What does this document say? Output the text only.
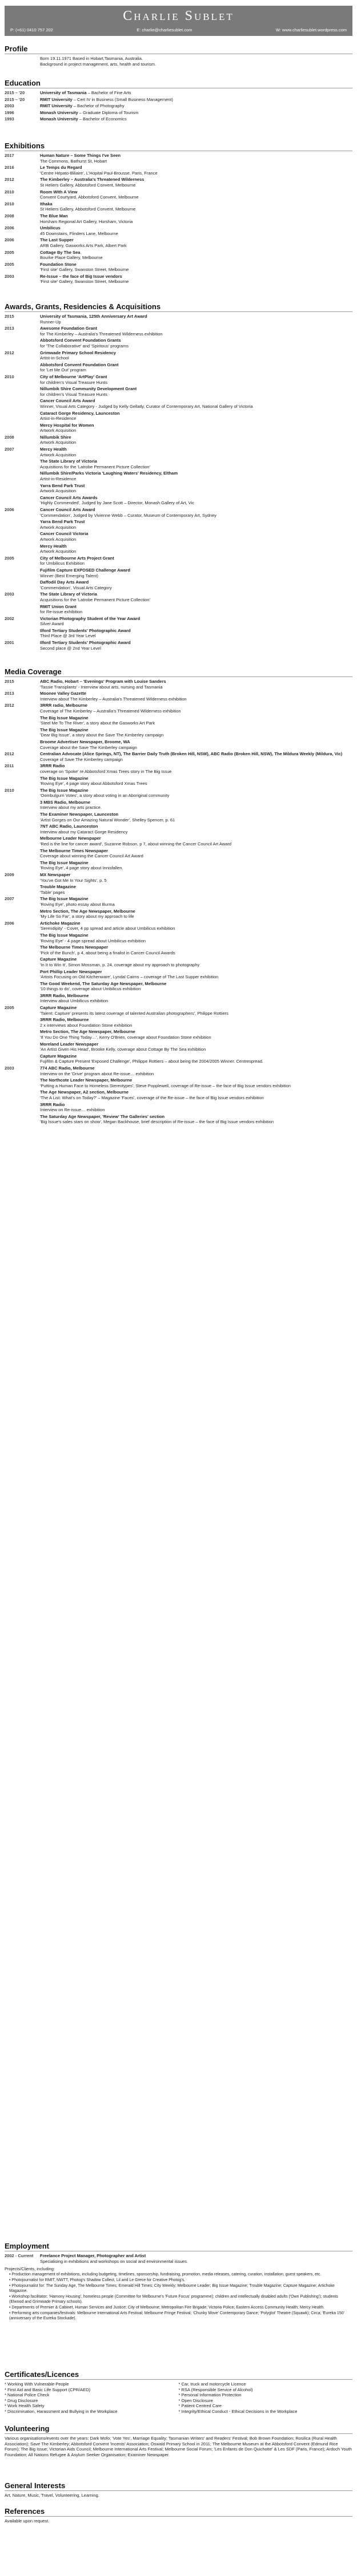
Charlie Sublet
P: (+61) 0410 757 202	E: charlie@charliesublet.com	W: www.charliesublet.wordpress.com
Profile
Born 19.11.1971 Based in Hobart,Tasmania, Australia.
Background in project management, arts, health and tourism.
Education
2015 – '20	University of Tasmania – Bachelor of Fine Arts
2015 – '20	RMIT University – Cert IV in Business (Small Business Management)
2003	RMIT University – Bachelor of Photography
1996	Monash University – Graduate Diploma of Tourism
1993	Monash University – Bachelor of Economics
Exhibitions
2017	Human Nature – Some Things I've Seen
The Commons, Bathurst St, Hobart
2016	Le Temps du Regard
'Centre Hépato-Biliaire', L'Hopital Paul-Brousse, Paris, France
2012	The Kimberley – Australia's Threatened Wilderness
St Heliers Gallery, Abbotsford Convent, Melbourne
2010	Room With A View
Convent Courtyard, Abbotsford Convent, Melbourne
2010	Ithaka
St Heliers Gallery, Abbotsford Convent, Melbourne
2008	The Blue Man
Horsham Regional Art Gallery, Horsham, Victoria
2006	Umbilicus
45 Downstairs, Flinders Lane, Melbourne
2006	The Last Supper
ARB Gallery, Gasworks Arts Park, Albert Park
2005	Cottage By The Sea
Bourke Place Gallery, Melbourne
2005	Foundation Stone
'First site' Gallery, Swanston Street, Melbourne
2003	Re-Issue – the face of Big Issue vendors
'First site' Gallery, Swanston Street, Melbourne
Awards, Grants, Residencies & Acquisitions
2015	University of Tasmania, 125th Anniversary Art Award
Runner-Up
2013	Awesome Foundation Grant
for The Kimberley – Australia's Threatened Wilderness exhibition
Abbotsford Convent Foundation Grants
for 'The Collaborative' and 'Spiritous' programs
2012	Grimwade Primary School Residency
Artist-in-School
Abbotsford Convent Foundation Grant
for 'Let Me Out' program
2010	City of Melbourne 'ArtPlay' Grant
for children's Visual Treasure Hunts
Nillumbik Shire Community Development Grant
for children's Visual Treasure Hunts
Cancer Council Arts Award
Winner, Visual Arts Category - Judged by Kelly Gellatly, Curator of Contemporary Art, National Gallery of Victoria
Cataract Gorge Residency, Launceston
Artist-in-Residence
Mercy Hospital for Women
Artwork Acquisition
2008	Nillumbik Shire
Artwork Acquisition
2007	Mercy Health
Artwork Acquisition
The State Library of Victoria
Acquisitions for the 'Latrobe Permanent Picture Collection'
Nillumbik Shire/Parks Victoria 'Laughing Waters' Residency, Eltham
Artist-in-Residence
Yarra Bend Park Trust
Artwork Acquisition
Cancer Council Arts Awards
'Highly Commended', Judged by Jane Scott – Director, Monash Gallery of Art, Vic
2006	Cancer Council Arts Award
'Commendation', Judged by Vivienne Webb – Curator, Museum of Contemporary Art, Sydney
Yarra Bend Park Trust
Artwork Acquisition
Cancer Council Victoria
Artwork Acquisition
Mercy Health
Artwork Acquisition
2005	City of Melbourne Arts Project Grant
for Umbilicus Exhibition
Fujifilm Capture EXPOSED Challenge Award
Winner (Best Emerging Talent)
Daffodil Day Arts Award
'Commendation', Visual Arts Category
2003	The State Library of Victoria
Acquisitions for the 'Latrobe Permanent Picture Collection'
RMIT Union Grant
for Re-issue exhibition
2002	Victorian Photography Student of the Year Award
Silver Award
Ilford Tertiary Students' Photographic Award
Third Place @ 3rd Year Level
2001	Ilford Tertiary Students' Photographic Award
Second place @ 2nd Year Level
Media Coverage
2015	ABC Radio, Hobart – 'Evenings' Program with Louise Sanders
'Tassie Transplants' - Interview about arts, nursing and Tasmania
2013	Moonee Valley Gazette
Interview about The Kimberley – Australia's Threatened Wilderness exhibition
2012	3RRR radio, Melbourne
Coverage of The Kimberley – Australia's Threatened Wilderness exhibition
The Big Issue Magazine
'Steel Me To The River', a story about the Gasworks Art Park
The Big Issue Magazine
'Dear Big Issue', a story about the Save The Kimberley campaign
Broome Advertiser Newspaper, Broome, WA
Coverage about the Save The Kimberley campaign
2012	Centralian Advocate (Alice Springs, NT), The Barrier Daily Truth (Broken Hill, NSW), ABC Radio (Broken Hill, NSW), The Mildura Weekly (Mildura, Vic)
Coverage of Save The Kimberley campaign
2011	3RRR Radio
coverage on 'Spoke' re Abbotsford Xmas Trees story in The Big Issue
The Big Issue Magazine
'Roving Eye', 4 page story about Abbotsford Xmas Trees
2010	The Big Issue Magazine
'Oombulgurri Votes', a story about voting in an Aboriginal community
3 MBS Radio, Melbourne
Interview about my arts practice.
The Examiner Newspaper, Launceston
'Artist Gorges on Our Amazing Natural Wonder', Shelley Spencer, p. 61
7NT ABC Radio, Launceston
Interview about my Cataract Gorge Residency
Melbourne Leader Newspaper
'Red is the line for cancer award', Suzanne Robson, p 7, about winning the Cancer Council Art Award
The Melbourne Times Newspaper
Coverage about winning the Cancer Council Art Award
The Big Issue Magazine
'Roving Eye', 4 page story about Innisfallen.
2009	MX Newspaper
'You've Got Me In Your Sights', p. 5
Trouble Magazine
'Table' pages
2007	The Big Issue Magazine
'Roving Eye', photo essay about Burma
Metro Section, The Age Newspaper, Melbourne
'My Life So Far', a story about my approach to life
2006	Artichoke Magazine
'Serendipity' - Cover, 4 pp spread and article about Umbilicus exhibition
The Big Issue Magazine
'Roving Eye' - 4 page spread about Umbilicus exhibition
The Melbourne Times Newspaper
'Pick of the Bunch', p 4, about being a finalist in Cancer Council Awards
Capture Magazine
'In It to Win It', Simon Mossman, p. 24, coverage about my approach to photography
Port Phillip Leader Newspaper
'Artists Focusing on Old Kitchenware', Lyndal Cairns – coverage of The Last Supper exhibition
The Good Weekend, The Saturday Age Newspaper, Melbourne
'10 things to do', coverage about Umbilicus exhibition
3RRR Radio, Melbourne
Interview about Umbilicus exhibition
2005	Capture Magazine
'Talent: Capture' presents its latest coverage of talented Australian photographers', Philippe Rottiers
3RRR Radio, Melbourne
2 x interviews about Foundation Stone exhibition
Metro Section, The Age Newspaper, Melbourne
'If You Do One Thing Today…', Kerry O'Brien, coverage about Foundation Stone exhibition
Moreland Leader Newspaper
'An Artist Given His Head', Brooke Kelly, coverage about Cottage By The Sea exhibition
Capture Magazine
Fujifilm & Capture Present 'Exposed Challenge', Philippe Rottiers – about being the 2004/2005 Winner. Centrespread.
2003	774 ABC Radio, Melbourne
Interview on the 'Drive' program about Re-issue… exhibition
The Northcote Leader Newspaper, Melbourne
'Putting a Human Face to Homeless Stereotypes', Steve Popplewell, coverage of Re-issue – the face of Big Issue vendors exhibition
The Age Newspaper, A2 section, Melbourne
'The A List: What's on Today?' – Magazine 'Faces', coverage of the Re-issue – the face of Big Issue vendors exhibition
3RRR Radio
Interview on Re-issue… exhibition
The Saturday Age Newspaper, 'Review' The Galleries' section
'Big Issue's sales stars on show', Megan Backhouse, brief description of Re-issue – the face of Big Issue vendors exhibition
Employment
2002 - Current	Freelance Project Manager, Photographer and Artist
Specialising in exhibitions and workshops on social and environmental issues.
Projects/Clients, including:
• Production management of exhibitions, including budgeting, timelines, sponsorship, fundraising, promotion, media releases, catering, curation, installation, guest speakers, etc.
• Photojournalist for RMIT, NWTT, Photog's Shadow Collect, Lil and Le Grece for Creative Photog's.
• Photojournalist for: The Sunday Age, The Melbourne Times; Emerald Hill Times; City Weekly; Melbourne Leader; Big Issue Magazine; Trouble Magazine; Capture Magazine; Artichoke Magazine.
• Workshop facilitator: 'Hamony Housing', homeless people (Committee for Melbourne's 'Future Focus' programme); children and intellectually disabled adults ('Own Publishing'); students (Elwood and Grimwade Primary schools).
• Departments of Premier & Cabinet, Human Services and Justice; City of Melbourne; Metropolitan Fire Brigade; Victoria Police; Eastern Access Community Health; Mercy Health.
• Performing arts companies/festivals: Melbourne International Arts Festival; Melbourne Fringe Festival; 'Chunky Move' Contemporary Dance; 'Polyglot' Theatre (Squawk); Circa; 'Eureka 150' (anniversary of the Eureka Stockade).
Certificates/Licences
* Working With Vulnerable People
* First Aid and Basic Life Support (CPR/AED)
* National Police Check
* Drug Disclosure
* Work Health Safety
* Discrimination, Harassment and Bullying in the Workplace
* Car, truck and motorcycle Licence
* RSA (Responsible Service of Alcohol)
* Personal Information Protection
* Open Disclosure
* Patient Centred Care
* Integrity/Ethical Conduct - Ethical Decisions in the Workplace
Volunteering
Various organisations/events over the years: Dark Mofo; 'Vote Yes', Marriage Equality; Tasmanian Writers' and Readers' Festival; Bob Brown Foundation; Rosilica (Rural Health Association); Save The Kimberley; Abbotsford Convent 'Incents' Association; Oswald Primary School in 2011; The Melbourne Museum at the Abbotsford Convent (Edmund Rice Forum); The Big Issue; Victorian Aids Council; Melbourne International Arts Festival; Melbourne Social Forum; 'Les Enfants de Don Quichotte' & Les SDF (Paris, France); Ardoch Youth Foundation; All Nations Refugee & Asylum Seeker Organisation; Examiner Newspaper.
General Interests
Art, Nature, Music, Travel, Volunteering, Learning.
References
Available upon request.
